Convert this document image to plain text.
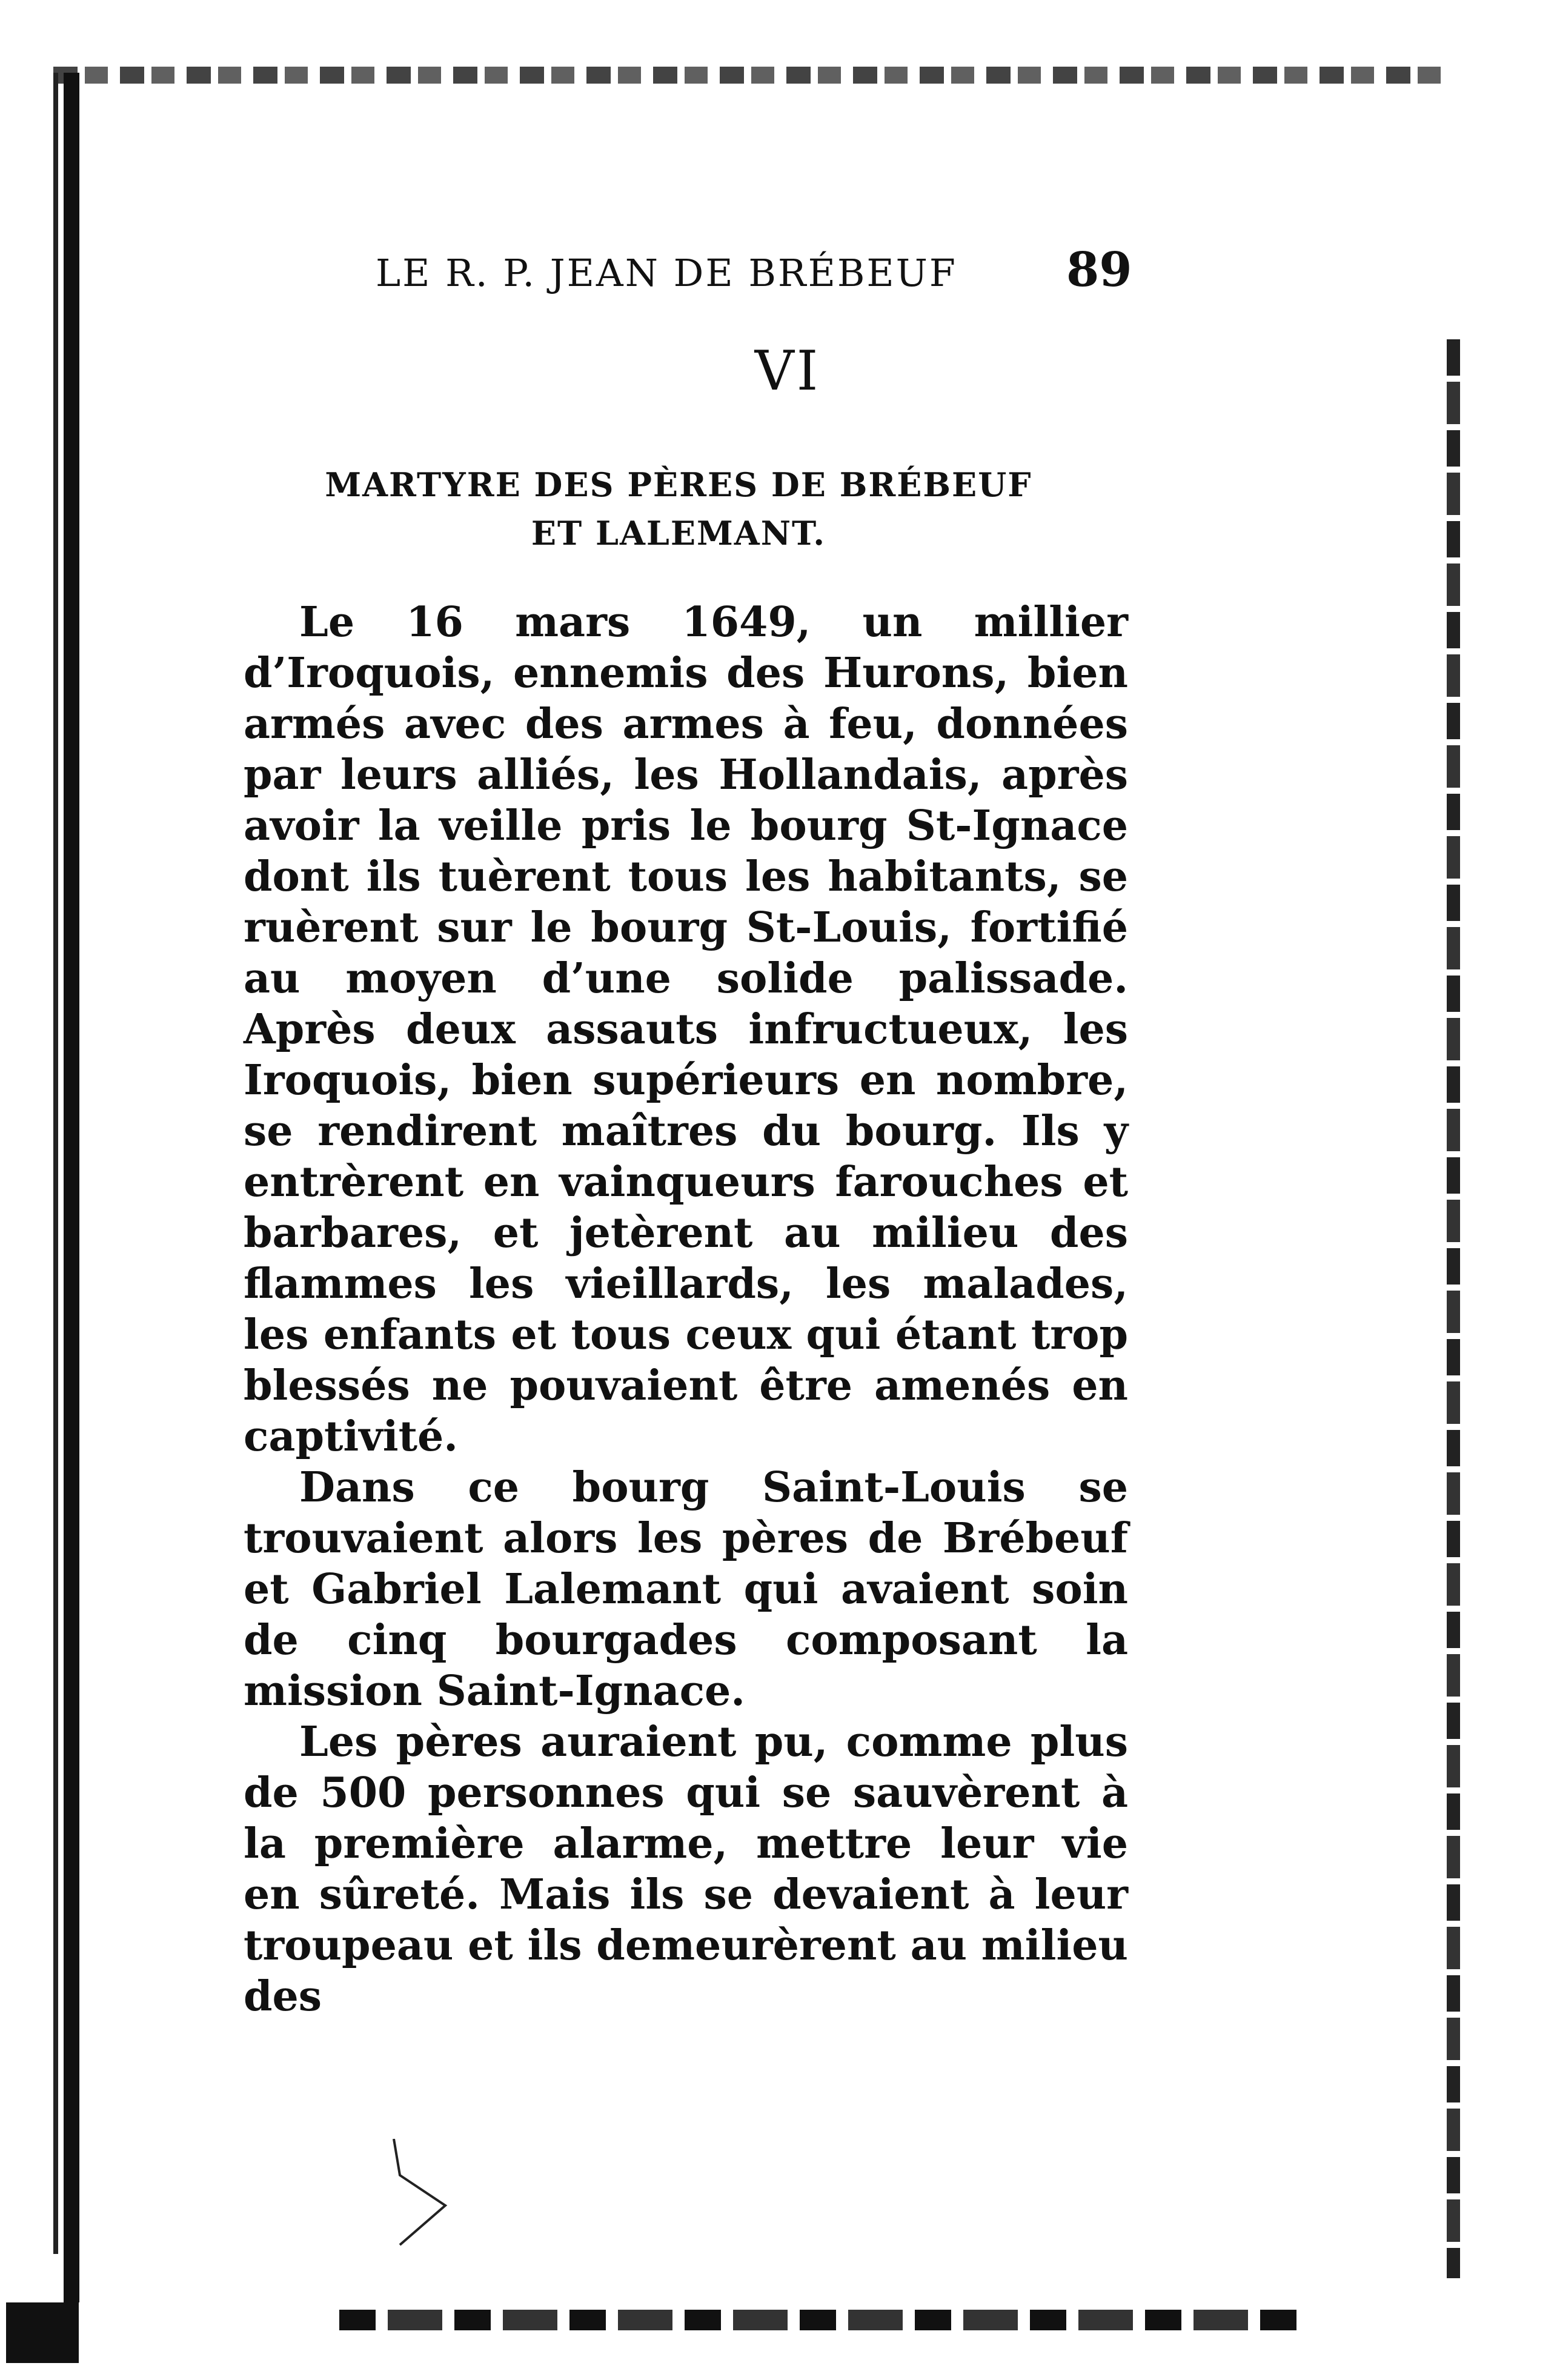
LE R. P. JEAN DE BRÉBEUF 89
VI
MARTYRE DES PÈRES DE BRÉBEUF
ET LALEMANT.

Le 16 mars 1649, un millier d’Iroquois, ennemis des Hurons, bien armés avec des armes à feu, données par leurs alliés, les Hollandais, après avoir la veille pris le bourg St-Ignace dont ils tuèrent tous les habitants, se ruèrent sur le bourg St-Louis, fortifié au moyen d’une solide palissade. Après deux assauts infructueux, les Iroquois, bien supérieurs en nombre, se rendirent maîtres du bourg. Ils y entrèrent en vainqueurs farouches et barbares, et jetèrent au milieu des flammes les vieillards, les malades, les enfants et tous ceux qui étant trop blessés ne pouvaient être amenés en captivité.

Dans ce bourg Saint-Louis se trouvaient alors les pères de Brébeuf et Gabriel Lalemant qui avaient soin de cinq bourgades composant la mission Saint-Ignace.

Les pères auraient pu, comme plus de 500 personnes qui se sauvèrent à la première alarme, mettre leur vie en sûreté. Mais ils se devaient à leur troupeau et ils demeurèrent au milieu des
